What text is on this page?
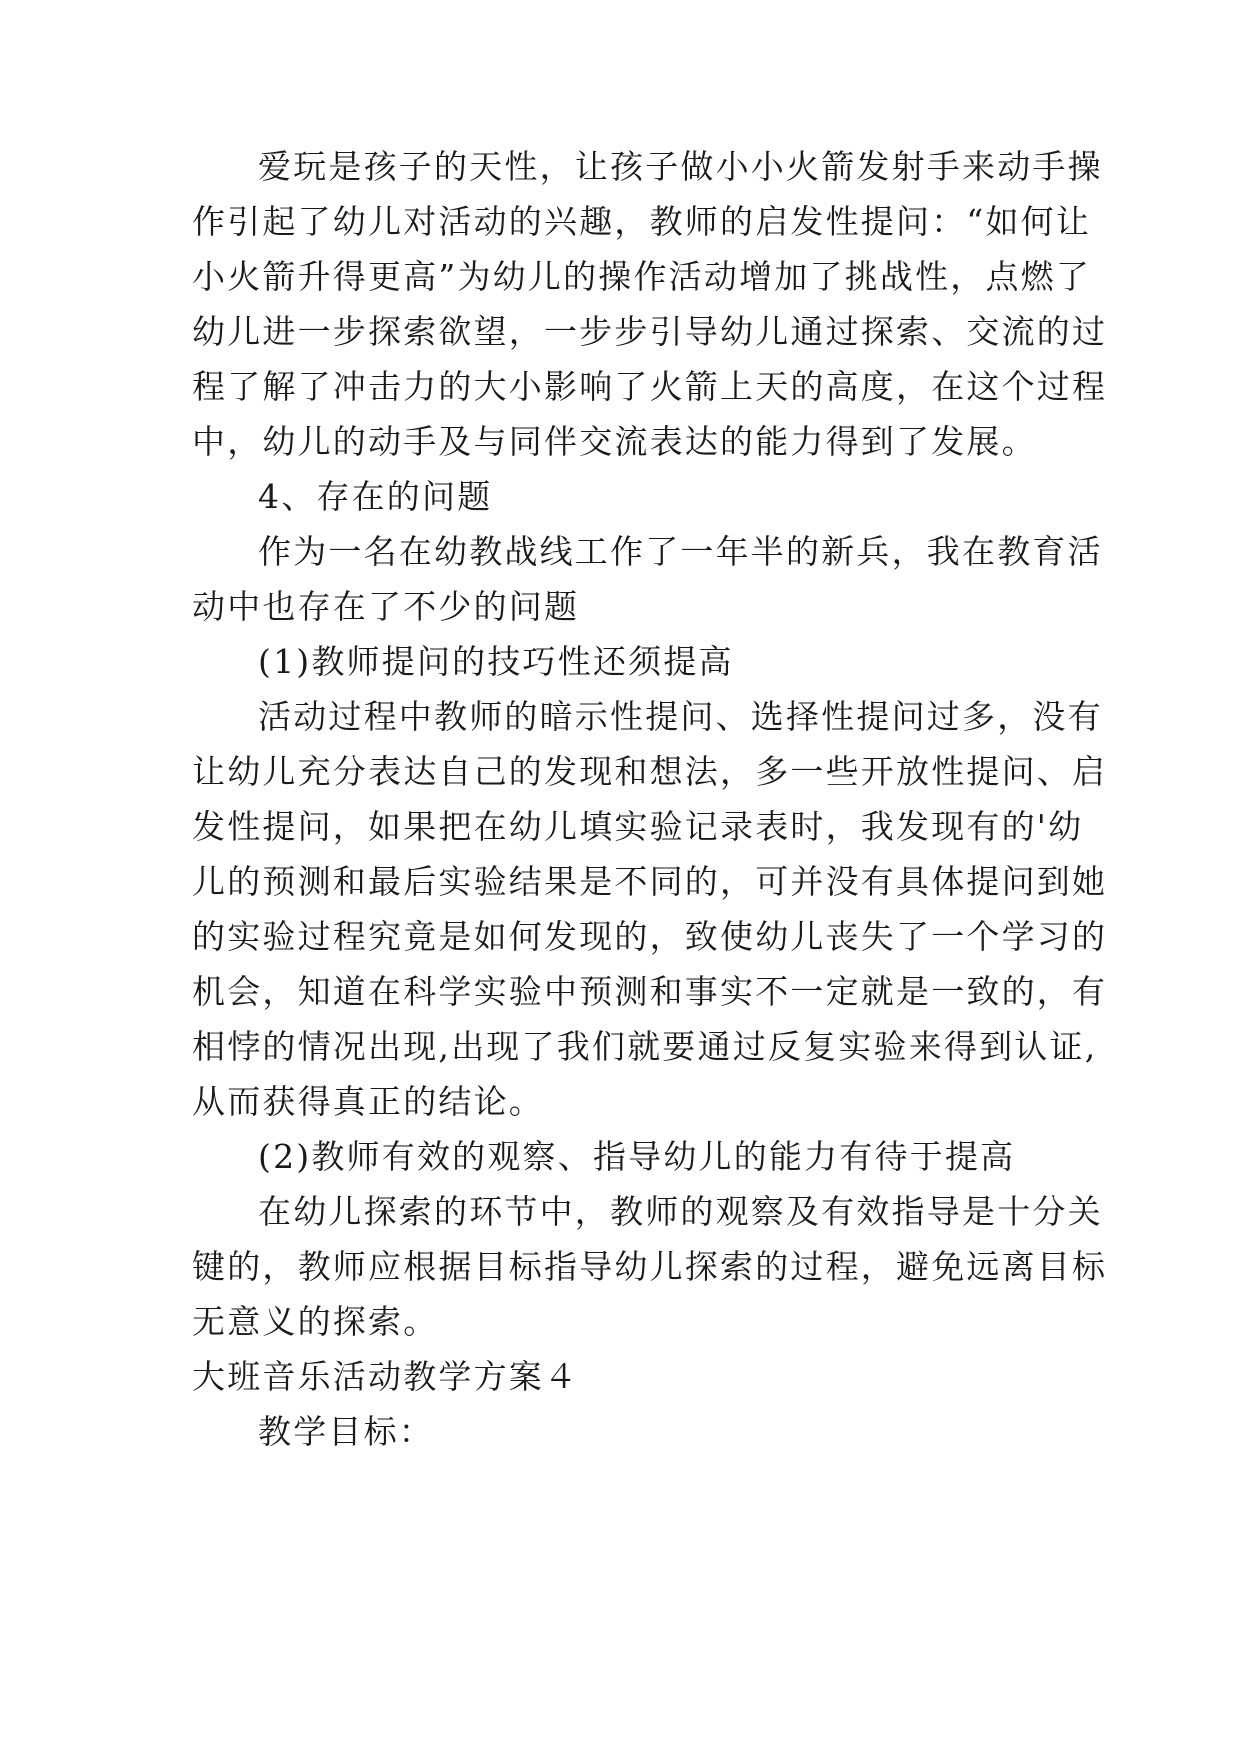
爱玩是孩子的天性，让孩子做小小火箭发射手来动手操
作引起了幼儿对活动的兴趣，教师的启发性提问：“如何让
小火箭升得更高”为幼儿的操作活动增加了挑战性，点燃了
幼儿进一步探索欲望，一步步引导幼儿通过探索、交流的过
程了解了冲击力的大小影响了火箭上天的高度，在这个过程
中，幼儿的动手及与同伴交流表达的能力得到了发展。
4、存在的问题
作为一名在幼教战线工作了一年半的新兵，我在教育活
动中也存在了不少的问题
(1)教师提问的技巧性还须提高
活动过程中教师的暗示性提问、选择性提问过多，没有
让幼儿充分表达自己的发现和想法，多一些开放性提问、启
发性提问，如果把在幼儿填实验记录表时，我发现有的'幼
儿的预测和最后实验结果是不同的，可并没有具体提问到她
的实验过程究竟是如何发现的，致使幼儿丧失了一个学习的
机会，知道在科学实验中预测和事实不一定就是一致的，有
相悖的情况出现,出现了我们就要通过反复实验来得到认证,
从而获得真正的结论。
(2)教师有效的观察、指导幼儿的能力有待于提高
在幼儿探索的环节中，教师的观察及有效指导是十分关
键的，教师应根据目标指导幼儿探索的过程，避免远离目标
无意义的探索。
大班音乐活动教学方案４
教学目标：
